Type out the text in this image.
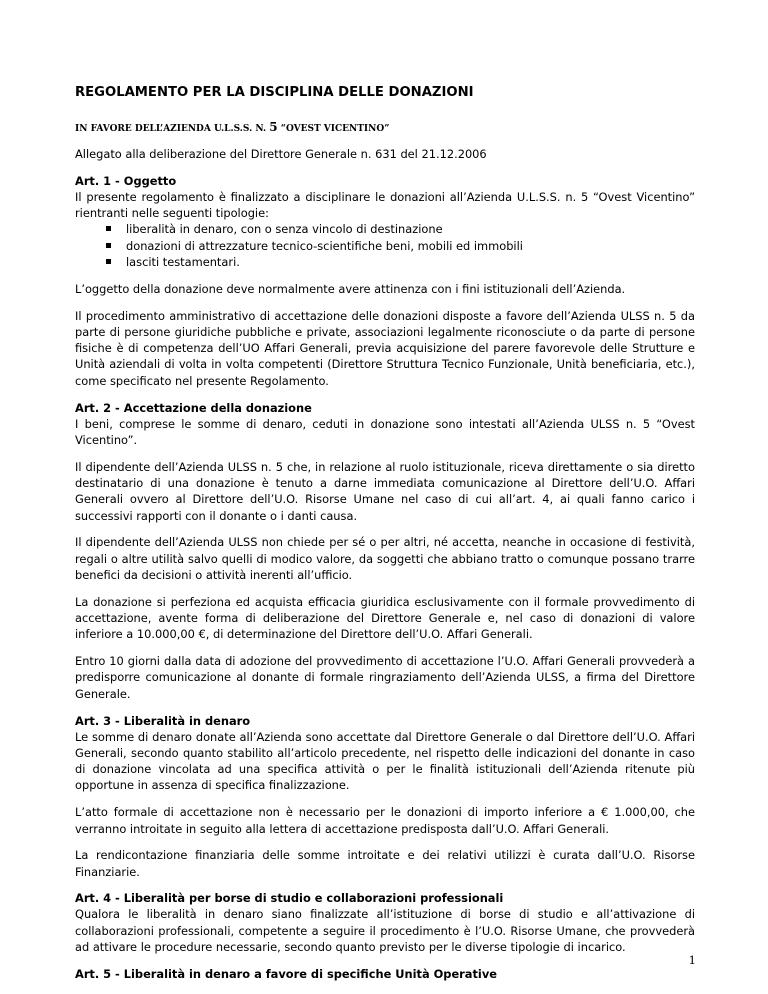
REGOLAMENTO PER LA DISCIPLINA DELLE DONAZIONI
IN FAVORE DELL’AZIENDA U.L.S.S. N. 5 “OVEST VICENTINO”

Allegato alla deliberazione del Direttore Generale n. 631 del 21.12.2006

Art. 1 - Oggetto

Il presente regolamento è finalizzato a disciplinare le donazioni all’Azienda U.L.S.S. n. 5 “Ovest Vicentino” rientranti nelle seguenti tipologie:

liberalità in denaro, con o senza vincolo di destinazione
donazioni di attrezzature tecnico-scientifiche beni, mobili ed immobili
lasciti testamentari.

L’oggetto della donazione deve normalmente avere attinenza con i fini istituzionali dell’Azienda.

Il procedimento amministrativo di accettazione delle donazioni disposte a favore dell’Azienda ULSS n. 5 da parte di persone giuridiche pubbliche e private, associazioni legalmente riconosciute o da parte di persone fisiche è di competenza dell’UO Affari Generali, previa acquisizione del parere favorevole delle Strutture e Unità aziendali di volta in volta competenti (Direttore Struttura Tecnico Funzionale, Unità beneficiaria, etc.), come specificato nel presente Regolamento.

Art. 2 - Accettazione della donazione

I beni, comprese le somme di denaro, ceduti in donazione sono intestati all’Azienda ULSS n. 5 “Ovest Vicentino”.

Il dipendente dell’Azienda ULSS n. 5 che, in relazione al ruolo istituzionale, riceva direttamente o sia diretto destinatario di una donazione è tenuto a darne immediata comunicazione al Direttore dell’U.O. Affari Generali ovvero al Direttore dell’U.O. Risorse Umane nel caso di cui all’art. 4, ai quali fanno carico i successivi rapporti con il donante o i danti causa.

Il dipendente dell’Azienda ULSS non chiede per sé o per altri, né accetta, neanche in occasione di festività, regali o altre utilità salvo quelli di modico valore, da soggetti che abbiano tratto o comunque possano trarre benefici da decisioni o attività inerenti all’ufficio.

La donazione si perfeziona ed acquista efficacia giuridica esclusivamente con il formale provvedimento di accettazione, avente forma di deliberazione del Direttore Generale e, nel caso di donazioni di valore inferiore a 10.000,00 €, di determinazione del Direttore dell’U.O. Affari Generali.

Entro 10 giorni dalla data di adozione del provvedimento di accettazione l’U.O. Affari Generali provvederà a predisporre comunicazione al donante di formale ringraziamento dell’Azienda ULSS, a firma del Direttore Generale.

Art. 3 - Liberalità in denaro

Le somme di denaro donate all’Azienda sono accettate dal Direttore Generale o dal Direttore dell’U.O. Affari Generali, secondo quanto stabilito all’articolo precedente, nel rispetto delle indicazioni del donante in caso di donazione vincolata ad una specifica attività o per le finalità istituzionali dell’Azienda ritenute più opportune in assenza di specifica finalizzazione.

L’atto formale di accettazione non è necessario per le donazioni di importo inferiore a € 1.000,00, che verranno introitate in seguito alla lettera di accettazione predisposta dall’U.O. Affari Generali.

La rendicontazione finanziaria delle somme introitate e dei relativi utilizzi è curata dall’U.O. Risorse Finanziarie.

Art. 4 - Liberalità per borse di studio e collaborazioni professionali

Qualora le liberalità in denaro siano finalizzate all’istituzione di borse di studio e all’attivazione di collaborazioni professionali, competente a seguire il procedimento è l’U.O. Risorse Umane, che provvederà ad attivare le procedure necessarie, secondo quanto previsto per le diverse tipologie di incarico.

Art. 5 - Liberalità in denaro a favore di specifiche Unità Operative
1
